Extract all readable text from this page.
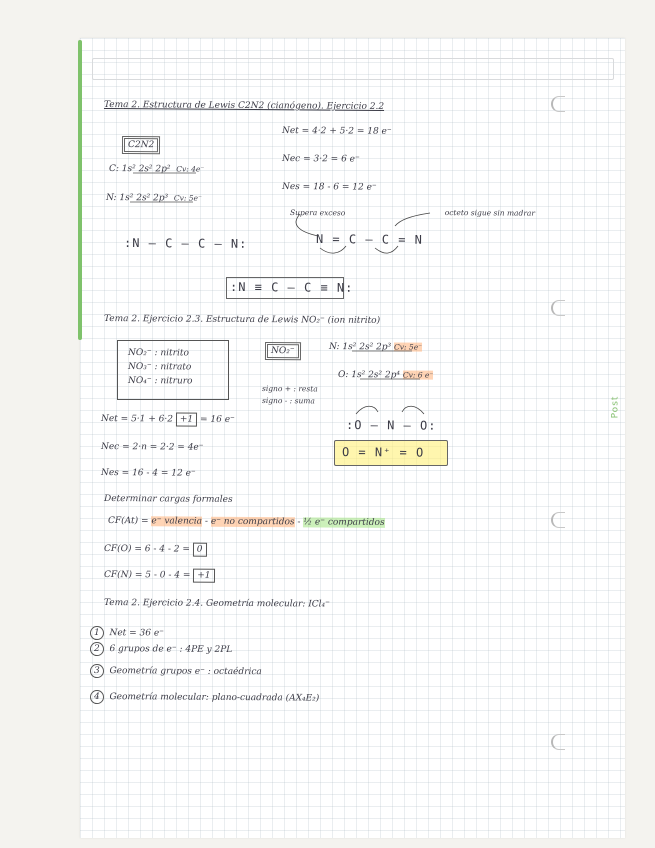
Post
Tema 2. Estructura de Lewis C2N2 (cianógeno). Ejercicio 2.2
C2N2
C: 1s² 2s² 2p² Cv: 4e⁻
N: 1s² 2s² 2p³ Cv: 5e⁻
Net = 4·2 + 5·2 = 18 e⁻
Nec = 3·2 = 6 e⁻
Nes = 18 - 6 = 12 e⁻
Supera exceso	octeto sigue sin madrar
:N – C – C – N:	N = C – C = N
:N ≡ C – C ≡ N:
Tema 2. Ejercicio 2.3. Estructura de Lewis NO₂⁻ (ion nitrito)
NO₂⁻ : nitrito
NO₃⁻ : nitrato
NO₄⁻ : nitruro
NO₂⁻	N: 1s² 2s² 2p³ Cv: 5e⁻
O: 1s² 2s² 2p⁴ Cv: 6 e⁻
signo + : resta
signo - : suma
Net = 5·1 + 6·2 +1 = 16 e⁻
Nec = 2·n = 2·2 = 4e⁻
Nes = 16 - 4 = 12 e⁻
:O – N – O:
O = N⁺ = O
Determinar cargas formales
CF(At) = e⁻ valencia - e⁻ no compartidos - ½ e⁻ compartidos
CF(O) = 6 - 4 - 2 = 0
CF(N) = 5 - 0 - 4 = +1
Tema 2. Ejercicio 2.4. Geometría molecular: ICl₄⁻
1 Net = 36 e⁻
2 6 grupos de e⁻ : 4PE y 2PL
3 Geometría grupos e⁻ : octaédrica
4 Geometría molecular: plano-cuadrada (AX₄E₂)
